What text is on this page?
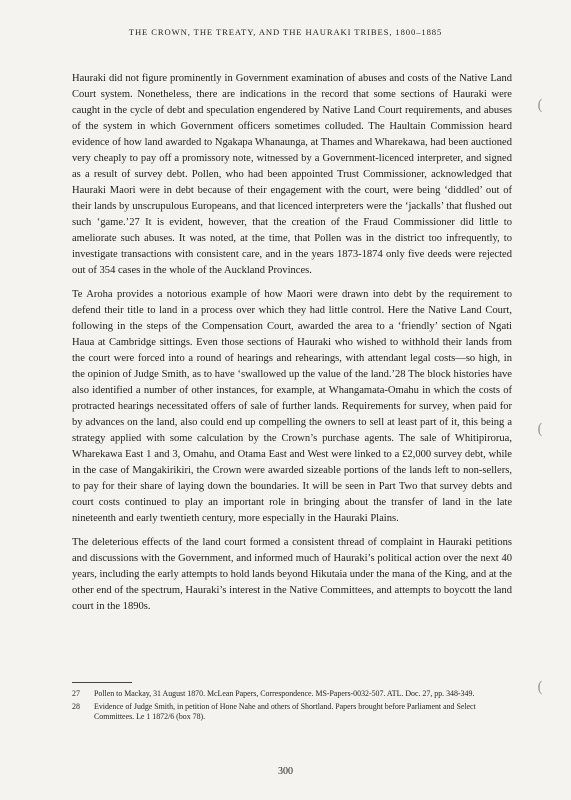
THE CROWN, THE TREATY, AND THE HAURAKI TRIBES, 1800–1885

Hauraki did not figure prominently in Government examination of abuses and costs of the Native Land Court system. Nonetheless, there are indications in the record that some sections of Hauraki were caught in the cycle of debt and speculation engendered by Native Land Court requirements, and abuses of the system in which Government officers sometimes colluded. The Haultain Commission heard evidence of how land awarded to Ngakapa Whanaunga, at Thames and Wharekawa, had been auctioned very cheaply to pay off a promissory note, witnessed by a Government-licenced interpreter, and signed as a result of survey debt. Pollen, who had been appointed Trust Commissioner, acknowledged that Hauraki Maori were in debt because of their engagement with the court, were being ‘diddled’ out of their lands by unscrupulous Europeans, and that licenced interpreters were the ‘jackalls’ that flushed out such ‘game.’27 It is evident, however, that the creation of the Fraud Commissioner did little to ameliorate such abuses. It was noted, at the time, that Pollen was in the district too infrequently, to investigate transactions with consistent care, and in the years 1873-1874 only five deeds were rejected out of 354 cases in the whole of the Auckland Provinces.

Te Aroha provides a notorious example of how Maori were drawn into debt by the requirement to defend their title to land in a process over which they had little control. Here the Native Land Court, following in the steps of the Compensation Court, awarded the area to a ‘friendly’ section of Ngati Haua at Cambridge sittings. Even those sections of Hauraki who wished to withhold their lands from the court were forced into a round of hearings and rehearings, with attendant legal costs—so high, in the opinion of Judge Smith, as to have ‘swallowed up the value of the land.’28 The block histories have also identified a number of other instances, for example, at Whangamata-Omahu in which the costs of protracted hearings necessitated offers of sale of further lands. Requirements for survey, when paid for by advances on the land, also could end up compelling the owners to sell at least part of it, this being a strategy applied with some calculation by the Crown’s purchase agents. The sale of Whitipirorua, Wharekawa East 1 and 3, Omahu, and Otama East and West were linked to a £2,000 survey debt, while in the case of Mangakirikiri, the Crown were awarded sizeable portions of the lands left to non-sellers, to pay for their share of laying down the boundaries. It will be seen in Part Two that survey debts and court costs continued to play an important role in bringing about the transfer of land in the late nineteenth and early twentieth century, more especially in the Hauraki Plains.

The deleterious effects of the land court formed a consistent thread of complaint in Hauraki petitions and discussions with the Government, and informed much of Hauraki’s political action over the next 40 years, including the early attempts to hold lands beyond Hikutaia under the mana of the King, and at the other end of the spectrum, Hauraki’s interest in the Native Committees, and attempts to boycott the land court in the 1890s.

27	Pollen to Mackay, 31 August 1870. McLean Papers, Correspondence. MS-Papers-0032-507. ATL. Doc. 27, pp. 348-349.
28	Evidence of Judge Smith, in petition of Hone Nahe and others of Shortland. Papers brought before Parliament and Select Committees. Le 1 1872/6 (box 78).
300
(
(
(
